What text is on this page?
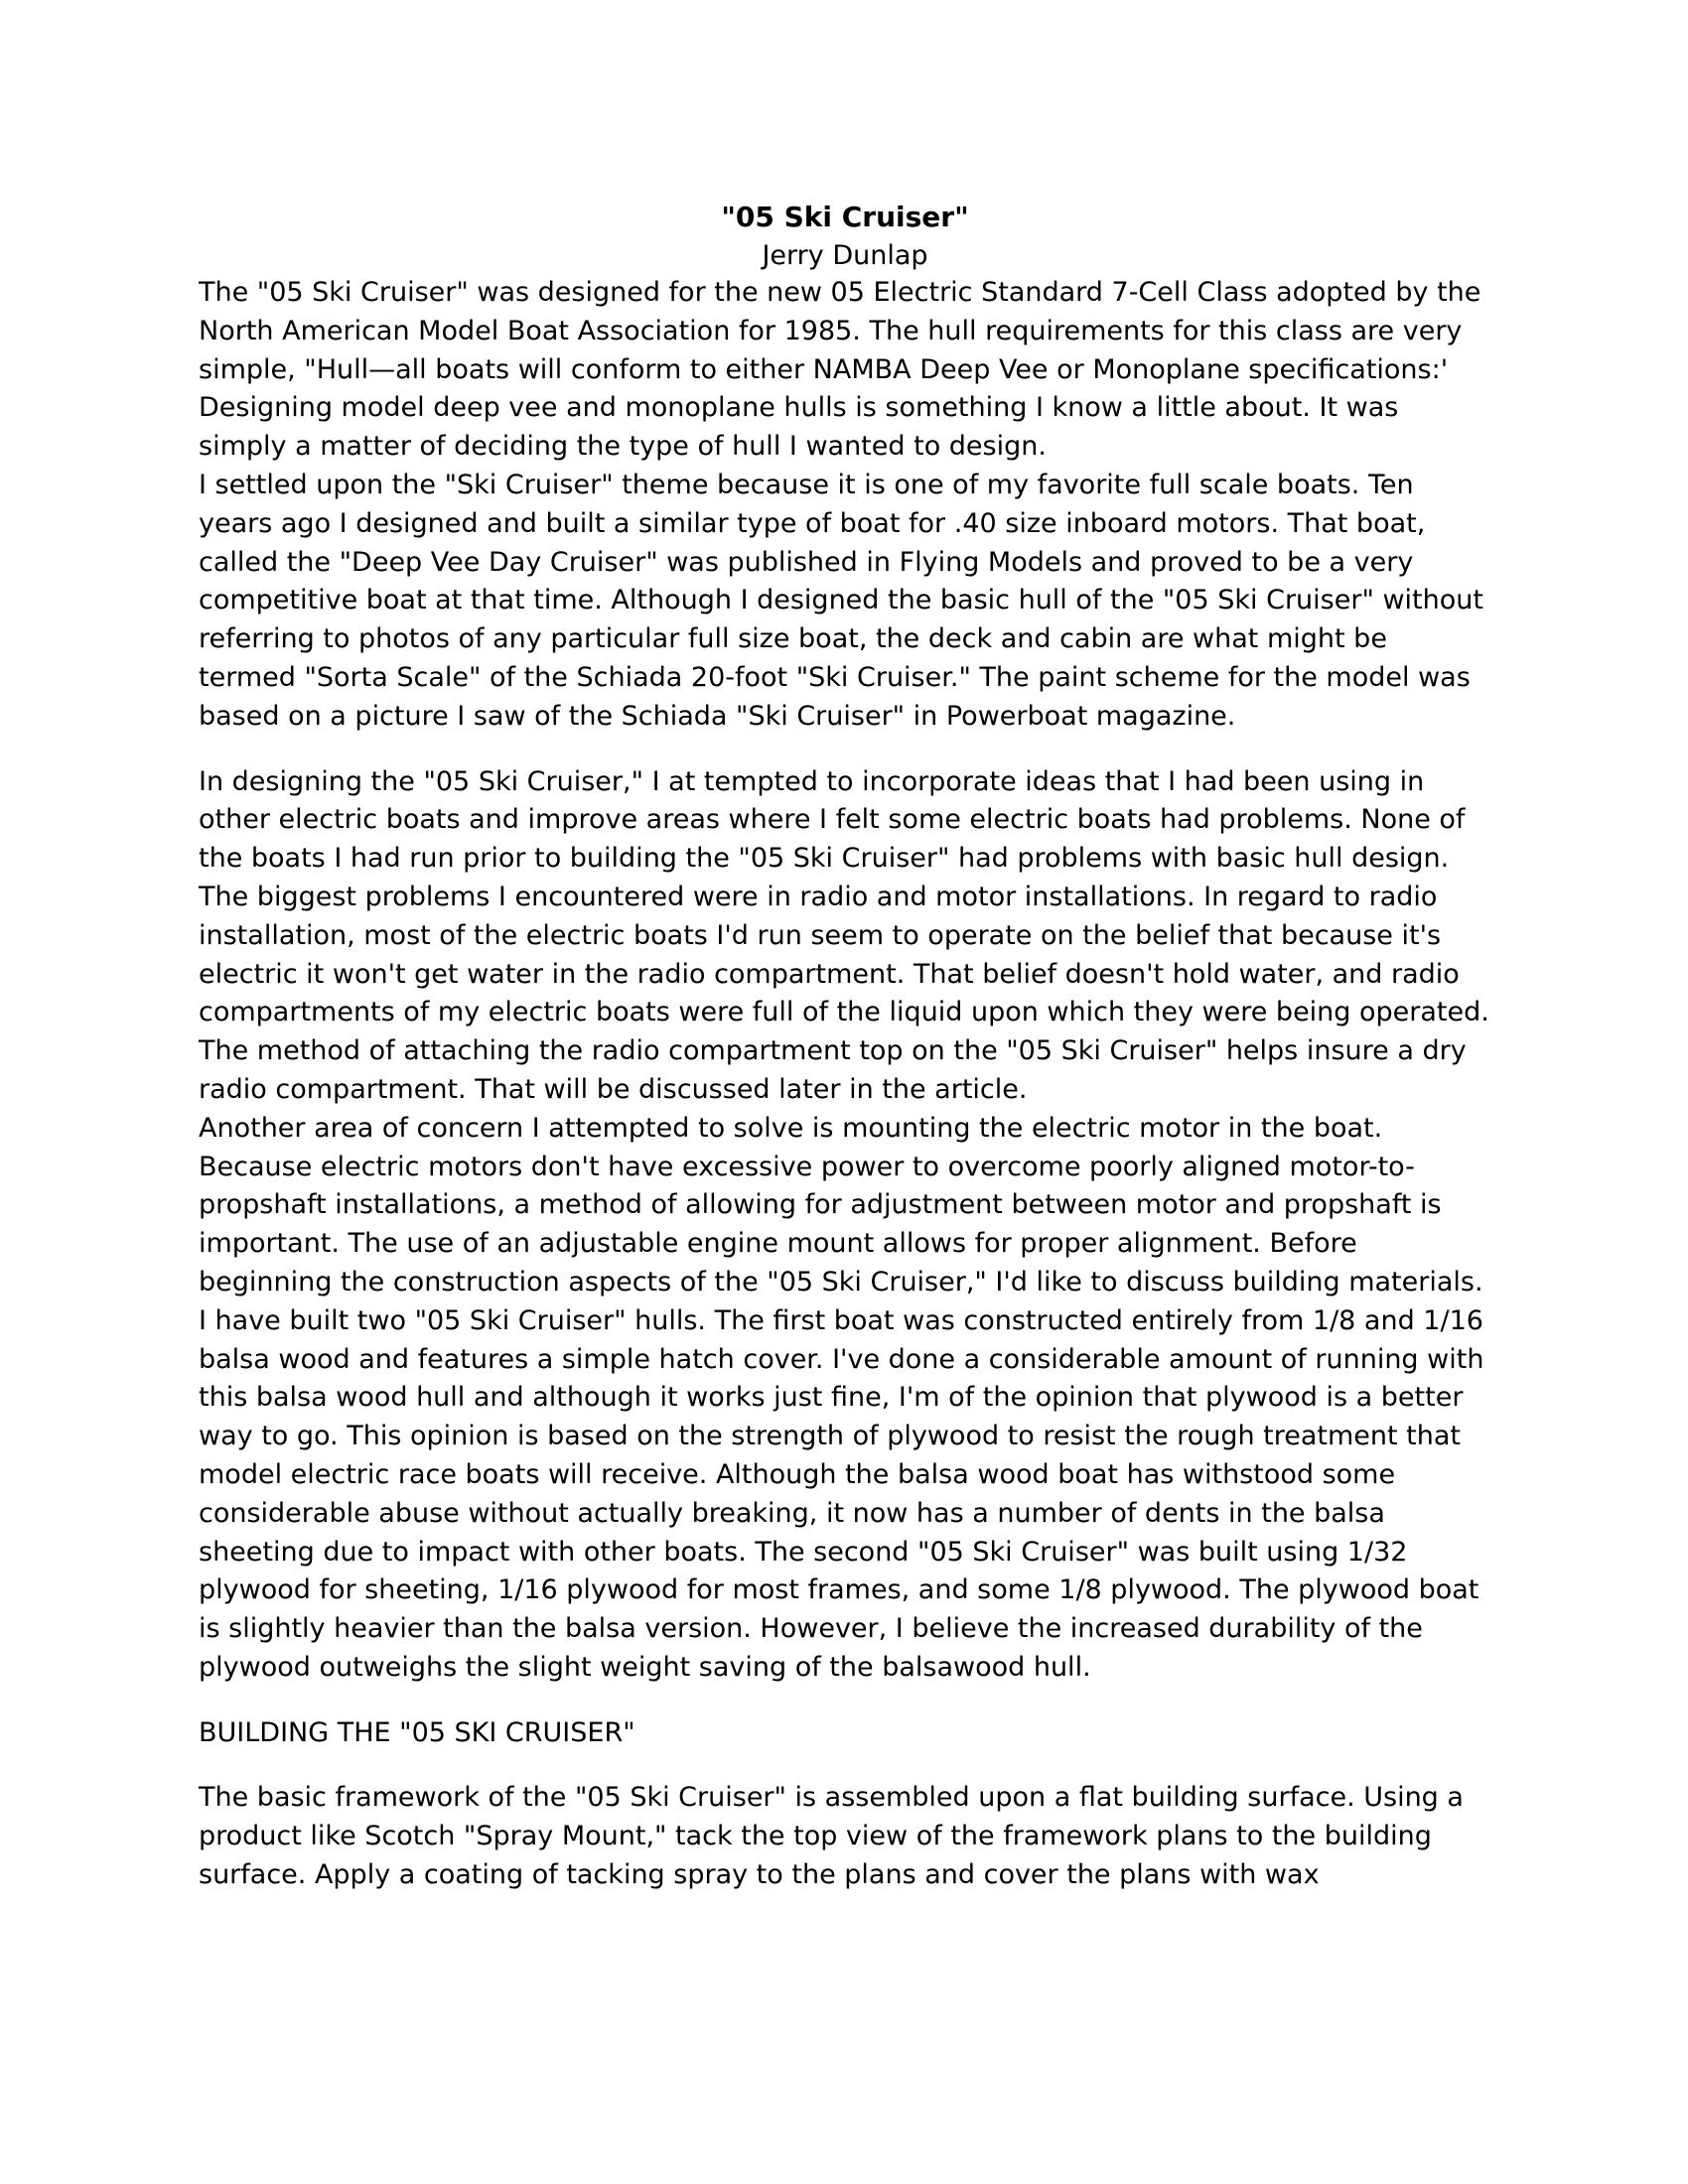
"05 Ski Cruiser"
Jerry Dunlap

The "05 Ski Cruiser" was designed for the new 05 Electric Standard 7-Cell Class adopted by the North American Model Boat Association for 1985. The hull requirements for this class are very simple, "Hull—all boats will conform to either NAMBA Deep Vee or Monoplane specifications:' Designing model deep vee and monoplane hulls is something I know a little about. It was simply a matter of deciding the type of hull I wanted to design.

I settled upon the "Ski Cruiser" theme because it is one of my favorite full scale boats. Ten years ago I designed and built a similar type of boat for .40 size inboard motors. That boat, called the "Deep Vee Day Cruiser" was published in Flying Models and proved to be a very competitive boat at that time. Although I designed the basic hull of the "05 Ski Cruiser" without referring to photos of any particular full size boat, the deck and cabin are what might be termed "Sorta Scale" of the Schiada 20-foot "Ski Cruiser." The paint scheme for the model was based on a picture I saw of the Schiada "Ski Cruiser" in Powerboat magazine.

In designing the "05 Ski Cruiser," I at tempted to incorporate ideas that I had been using in other electric boats and improve areas where I felt some electric boats had problems. None of the boats I had run prior to building the "05 Ski Cruiser" had problems with basic hull design. The biggest problems I encountered were in radio and motor installations. In regard to radio installation, most of the electric boats I'd run seem to operate on the belief that because it's electric it won't get water in the radio compartment. That belief doesn't hold water, and radio compartments of my electric boats were full of the liquid upon which they were being operated. The method of attaching the radio compartment top on the "05 Ski Cruiser" helps insure a dry radio compartment. That will be discussed later in the article.

Another area of concern I attempted to solve is mounting the electric motor in the boat. Because electric motors don't have excessive power to overcome poorly aligned motor-to-propshaft installations, a method of allowing for adjustment between motor and propshaft is important. The use of an adjustable engine mount allows for proper alignment. Before beginning the construction aspects of the "05 Ski Cruiser," I'd like to discuss building materials. I have built two "05 Ski Cruiser" hulls. The first boat was constructed entirely from 1/8 and 1/16 balsa wood and features a simple hatch cover. I've done a considerable amount of running with this balsa wood hull and although it works just fine, I'm of the opinion that plywood is a better way to go. This opinion is based on the strength of plywood to resist the rough treatment that model electric race boats will receive. Although the balsa wood boat has withstood some considerable abuse without actually breaking, it now has a number of dents in the balsa sheeting due to impact with other boats. The second "05 Ski Cruiser" was built using 1/32 plywood for sheeting, 1/16 plywood for most frames, and some 1/8 plywood. The plywood boat is slightly heavier than the balsa version. However, I believe the increased durability of the plywood outweighs the slight weight saving of the balsawood hull.

BUILDING THE "05 SKI CRUISER"

The basic framework of the "05 Ski Cruiser" is assembled upon a flat building surface. Using a product like Scotch "Spray Mount," tack the top view of the framework plans to the building surface. Apply a coating of tacking spray to the plans and cover the plans with wax
